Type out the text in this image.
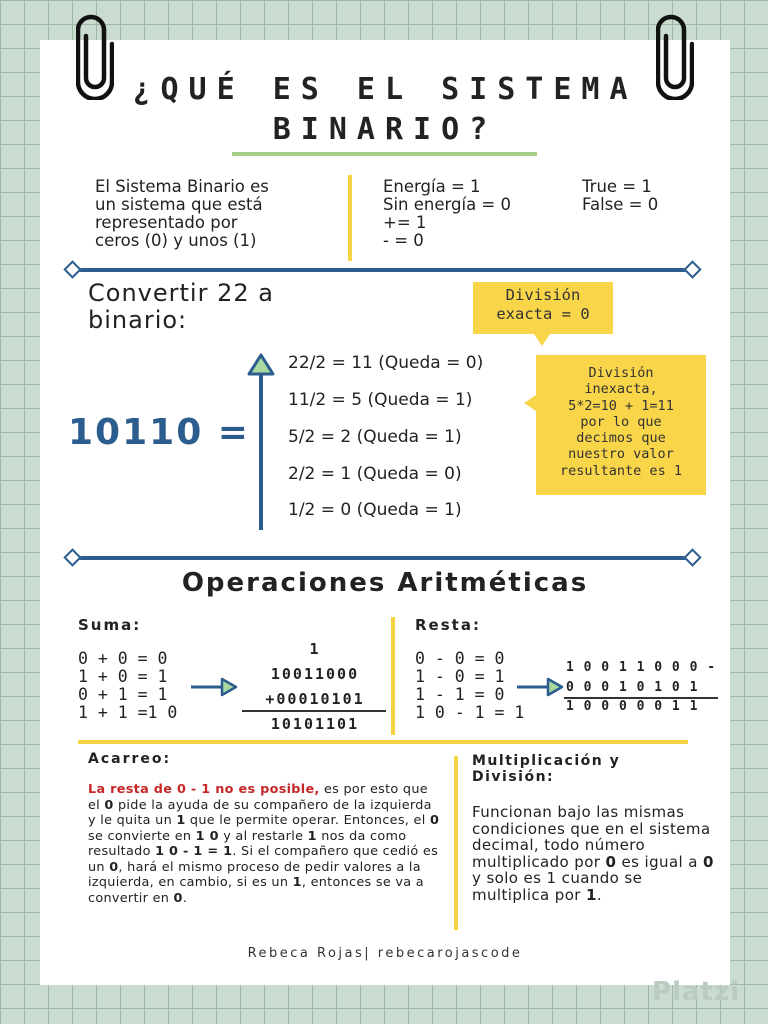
¿QUÉ ES EL SISTEMA
BINARIO?
El Sistema Binario es
un sistema que está
representado por
ceros (0) y unos (1)
Energía = 1
Sin energía = 0
+= 1
- = 0
True = 1
False = 0
Convertir 22 a
binario:
División
exacta = 0
10110 =
22/2 = 11 (Queda = 0)
11/2 = 5 (Queda = 1)
5/2 = 2 (Queda = 1)
2/2 = 1 (Queda = 0)
1/2 = 0 (Queda = 1)
División
inexacta,
5*2=10 + 1=11
por lo que
decimos que
nuestro valor
resultante es 1
Operaciones Aritméticas
Suma:
0 + 0 = 0
1 + 0 = 1
0 + 1 = 1
1 + 1 =1 0
1
10011000
+00010101
10101101
Resta:
0 - 0 = 0
1 - 0 = 1
1 - 1 = 0
1 0 - 1 = 1
1 0 0 1 1 0 0 0 -
0 0 0 1 0 1 0 1
1 0 0 0 0 0 1 1
Acarreo:
La resta de 0 - 1 no es posible, es por esto que el 0 pide la ayuda de su compañero de la izquierda y le quita un 1 que le permite operar. Entonces, el 0 se convierte en 1 0 y al restarle 1 nos da como resultado 1 0 - 1 = 1. Si el compañero que cedió es un 0, hará el mismo proceso de pedir valores a la izquierda, en cambio, si es un 1, entonces se va a convertir en 0.
Multiplicación y
División:
Funcionan bajo las mismas condiciones que en el sistema decimal, todo número multiplicado por 0 es igual a 0 y solo es 1 cuando se multiplica por 1.
Rebeca Rojas| rebecarojascode
Platzi
